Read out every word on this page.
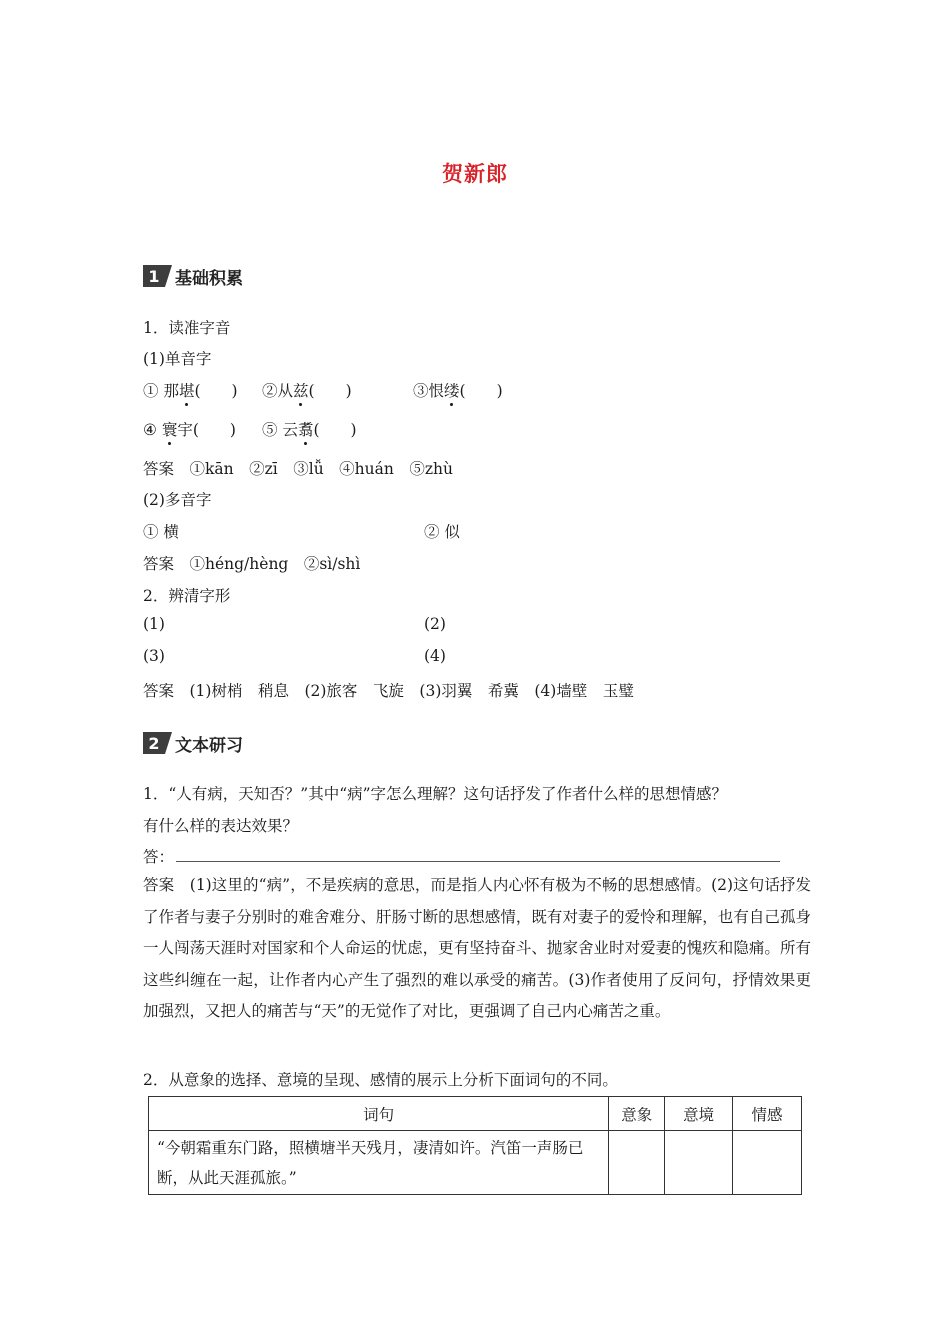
贺新郎
1 基础积累
1．读准字音
(1)单音字
① 那堪(　　) ②从兹(　　)	③恨缕(　　)
④ 寰宇(　　) ⑤ 云翥(　　)
答案　①kān　②zī　③lǚ　④huán　⑤zhù
(2)多音字
① 横	② 似
答案　①héng/hèng　②sì/shì
2．辨清字形
(1)	(2)
(3)	(4)
答案　(1)树梢　稍息　(2)旅客　飞旋　(3)羽翼　希冀　(4)墙壁　玉璧
2 文本研习
1．“人有病，天知否？”其中“病”字怎么理解？这句话抒发了作者什么样的思想情感？
有什么样的表达效果？
答：
答案　(1)这里的“病”，不是疾病的意思，而是指人内心怀有极为不畅的思想感情。(2)这句话抒发了作者与妻子分别时的难舍难分、肝肠寸断的思想感情，既有对妻子的爱怜和理解，也有自己孤身一人闯荡天涯时对国家和个人命运的忧虑，更有坚持奋斗、抛家舍业时对爱妻的愧疚和隐痛。所有这些纠缠在一起，让作者内心产生了强烈的难以承受的痛苦。(3)作者使用了反问句，抒情效果更加强烈，又把人的痛苦与“天”的无觉作了对比，更强调了自己内心痛苦之重。
2．从意象的选择、意境的呈现、感情的展示上分析下面词句的不同。
词句	意象	意境	情感
“今朝霜重东门路，照横塘半天残月，凄清如许。汽笛一声肠已断，从此天涯孤旅。”			
